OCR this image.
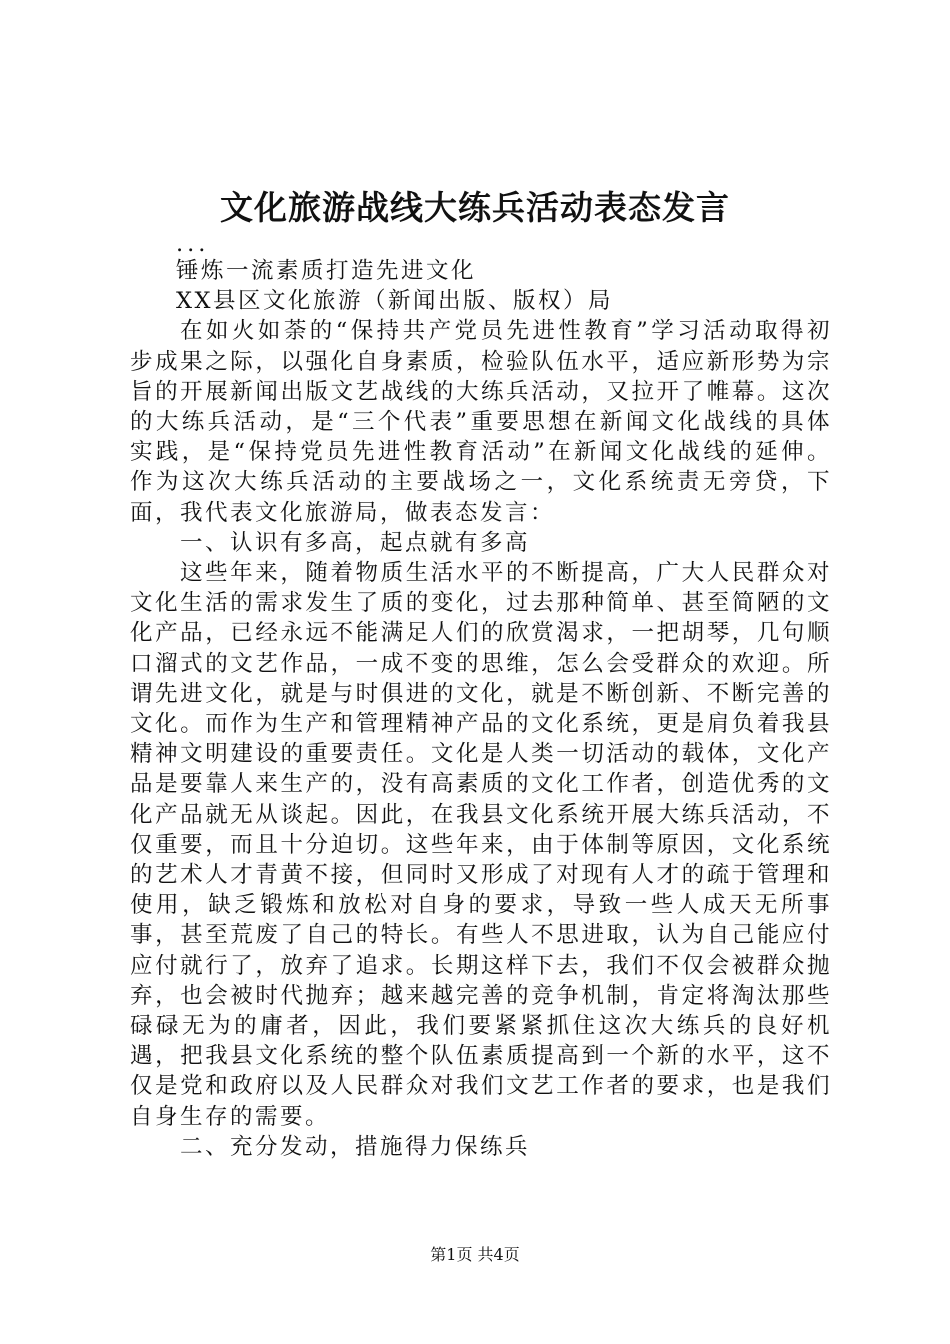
文化旅游战线大练兵活动表态发言

...

锤炼一流素质打造先进文化

XX县区文化旅游（新闻出版、版权）局

在如火如荼的“保持共产党员先进性教育”学习活动取得初步成果之际，以强化自身素质，检验队伍水平，适应新形势为宗旨的开展新闻出版文艺战线的大练兵活动，又拉开了帷幕。这次的大练兵活动，是“三个代表”重要思想在新闻文化战线的具体实践，是“保持党员先进性教育活动”在新闻文化战线的延伸。作为这次大练兵活动的主要战场之一，文化系统责无旁贷，下面，我代表文化旅游局，做表态发言：

一、认识有多高，起点就有多高

这些年来，随着物质生活水平的不断提高，广大人民群众对文化生活的需求发生了质的变化，过去那种简单、甚至简陋的文化产品，已经永远不能满足人们的欣赏渴求，一把胡琴，几句顺口溜式的文艺作品，一成不变的思维，怎么会受群众的欢迎。所谓先进文化，就是与时俱进的文化，就是不断创新、不断完善的文化。而作为生产和管理精神产品的文化系统，更是肩负着我县精神文明建设的重要责任。文化是人类一切活动的载体，文化产品是要靠人来生产的，没有高素质的文化工作者，创造优秀的文化产品就无从谈起。因此，在我县文化系统开展大练兵活动，不仅重要，而且十分迫切。这些年来，由于体制等原因，文化系统的艺术人才青黄不接，但同时又形成了对现有人才的疏于管理和使用，缺乏锻炼和放松对自身的要求，导致一些人成天无所事事，甚至荒废了自己的特长。有些人不思进取，认为自己能应付应付就行了，放弃了追求。长期这样下去，我们不仅会被群众抛弃，也会被时代抛弃；越来越完善的竞争机制，肯定将淘汰那些碌碌无为的庸者，因此，我们要紧紧抓住这次大练兵的良好机遇，把我县文化系统的整个队伍素质提高到一个新的水平，这不仅是党和政府以及人民群众对我们文艺工作者的要求，也是我们自身生存的需要。

二、充分发动，措施得力保练兵

第1页 共4页
